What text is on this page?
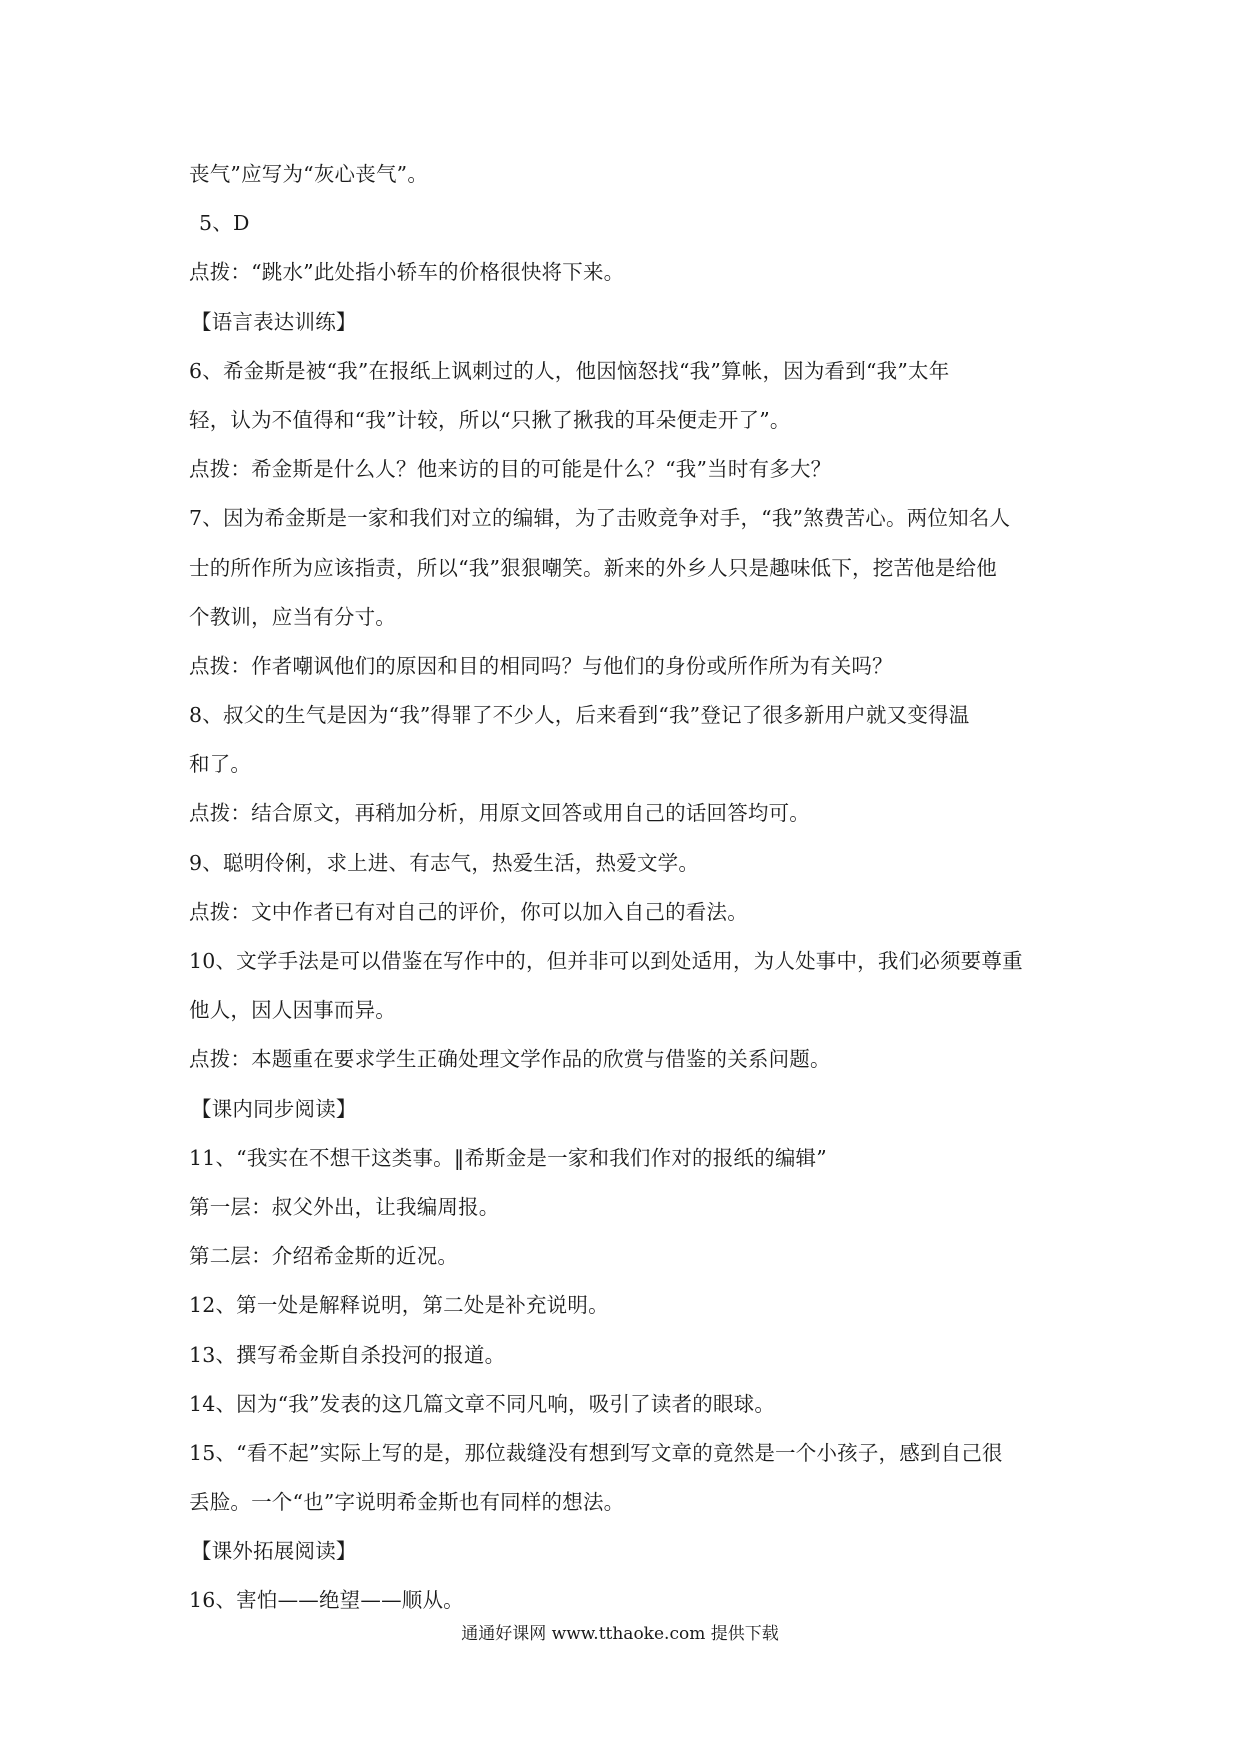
丧气”应写为“灰心丧气”。
5、D
点拨：“跳水”此处指小轿车的价格很快将下来。
【语言表达训练】
6、希金斯是被“我”在报纸上讽刺过的人，他因恼怒找“我”算帐，因为看到“我”太年
轻，认为不值得和“我”计较，所以“只揪了揪我的耳朵便走开了”。
点拨：希金斯是什么人？他来访的目的可能是什么？“我”当时有多大？
7、因为希金斯是一家和我们对立的编辑，为了击败竞争对手，“我”煞费苦心。两位知名人
士的所作所为应该指责，所以“我”狠狠嘲笑。新来的外乡人只是趣味低下，挖苦他是给他
个教训，应当有分寸。
点拨：作者嘲讽他们的原因和目的相同吗？与他们的身份或所作所为有关吗？
8、叔父的生气是因为“我”得罪了不少人，后来看到“我”登记了很多新用户就又变得温
和了。
点拨：结合原文，再稍加分析，用原文回答或用自己的话回答均可。
9、聪明伶俐，求上进、有志气，热爱生活，热爱文学。
点拨：文中作者已有对自己的评价，你可以加入自己的看法。
10、文学手法是可以借鉴在写作中的，但并非可以到处适用，为人处事中，我们必须要尊重
他人，因人因事而异。
点拨：本题重在要求学生正确处理文学作品的欣赏与借鉴的关系问题。
【课内同步阅读】
11、“我实在不想干这类事。‖希斯金是一家和我们作对的报纸的编辑”
第一层：叔父外出，让我编周报。
第二层：介绍希金斯的近况。
12、第一处是解释说明，第二处是补充说明。
13、撰写希金斯自杀投河的报道。
14、因为“我”发表的这几篇文章不同凡响，吸引了读者的眼球。
15、“看不起”实际上写的是，那位裁缝没有想到写文章的竟然是一个小孩子，感到自己很
丢脸。一个“也”字说明希金斯也有同样的想法。
【课外拓展阅读】
16、害怕——绝望——顺从。
通通好课网 www.tthaoke.com 提供下载
